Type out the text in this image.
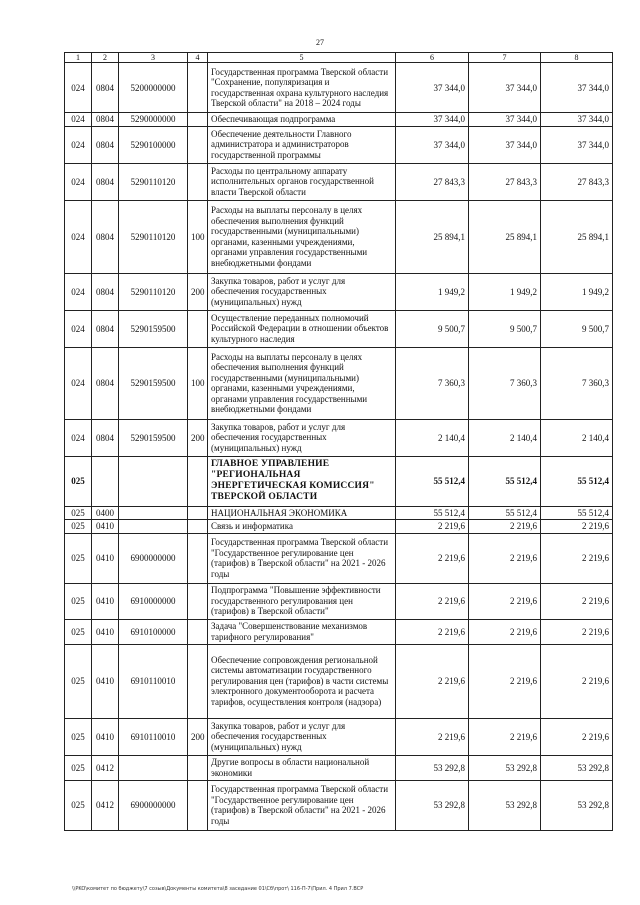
27
1	2	3	4	5	6	7	8
024	0804	5200000000		Государственная программа Тверской области "Сохранение, популяризация и государственная охрана культурного наследия Тверской области" на 2018 – 2024 годы	37 344,0	37 344,0	37 344,0
024	0804	5290000000		Обеспечивающая подпрограмма	37 344,0	37 344,0	37 344,0
024	0804	5290100000		Обеспечение деятельности Главного администратора и администраторов государственной программы	37 344,0	37 344,0	37 344,0
024	0804	5290110120		Расходы по центральному аппарату исполнительных органов государственной власти Тверской области	27 843,3	27 843,3	27 843,3
024	0804	5290110120	100	Расходы на выплаты персоналу в целях обеспечения выполнения функций государственными (муниципальными) органами, казенными учреждениями, органами управления государственными внебюджетными фондами	25 894,1	25 894,1	25 894,1
024	0804	5290110120	200	Закупка товаров, работ и услуг для обеспечения государственных (муниципальных) нужд	1 949,2	1 949,2	1 949,2
024	0804	5290159500		Осуществление переданных полномочий Российской Федерации в отношении объектов культурного наследия	9 500,7	9 500,7	9 500,7
024	0804	5290159500	100	Расходы на выплаты персоналу в целях обеспечения выполнения функций государственными (муниципальными) органами, казенными учреждениями, органами управления государственными внебюджетными фондами	7 360,3	7 360,3	7 360,3
024	0804	5290159500	200	Закупка товаров, работ и услуг для обеспечения государственных (муниципальных) нужд	2 140,4	2 140,4	2 140,4
025				ГЛАВНОЕ УПРАВЛЕНИЕ "РЕГИОНАЛЬНАЯ ЭНЕРГЕТИЧЕСКАЯ КОМИССИЯ" ТВЕРСКОЙ ОБЛАСТИ	55 512,4	55 512,4	55 512,4
025	0400			НАЦИОНАЛЬНАЯ ЭКОНОМИКА	55 512,4	55 512,4	55 512,4
025	0410			Связь и информатика	2 219,6	2 219,6	2 219,6
025	0410	6900000000		Государственная программа Тверской области "Государственное регулирование цен (тарифов) в Тверской области" на 2021 - 2026 годы	2 219,6	2 219,6	2 219,6
025	0410	6910000000		Подпрограмма "Повышение эффективности государственного регулирования цен (тарифов) в Тверской области"	2 219,6	2 219,6	2 219,6
025	0410	6910100000		Задача "Совершенствование механизмов тарифного регулирования"	2 219,6	2 219,6	2 219,6
025	0410	6910110010		Обеспечение сопровождения региональной системы автоматизации государственного регулирования цен (тарифов) в части системы электронного документооборота и расчета тарифов, осуществления контроля (надзора)	2 219,6	2 219,6	2 219,6
025	0410	6910110010	200	Закупка товаров, работ и услуг для обеспечения государственных (муниципальных) нужд	2 219,6	2 219,6	2 219,6
025	0412			Другие вопросы в области национальной экономики	53 292,8	53 292,8	53 292,8
025	0412	6900000000		Государственная программа Тверской области "Государственное регулирование цен (тарифов) в Тверской области" на 2021 - 2026 годы	53 292,8	53 292,8	53 292,8
\\PKO\комитет по бюджету\7 созыв\Документы комитета\8 заседание 01\Сб\прот\ 116-П-7\Прил. 4 Прил 7.ВСР
